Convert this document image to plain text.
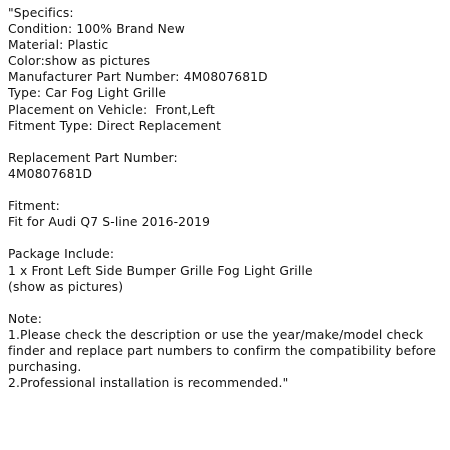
"Specifics:
Condition: 100% Brand New
Material: Plastic
Color:show as pictures
Manufacturer Part Number: 4M0807681D
Type: Car Fog Light Grille
Placement on Vehicle:  Front,Left
Fitment Type: Direct Replacement
Replacement Part Number:
4M0807681D
Fitment:
Fit for Audi Q7 S-line 2016-2019
Package Include:
1 x Front Left Side Bumper Grille Fog Light Grille
(show as pictures)
Note:
1.Please check the description or use the year/make/model check
finder and replace part numbers to confirm the compatibility before
purchasing.
2.Professional installation is recommended."
